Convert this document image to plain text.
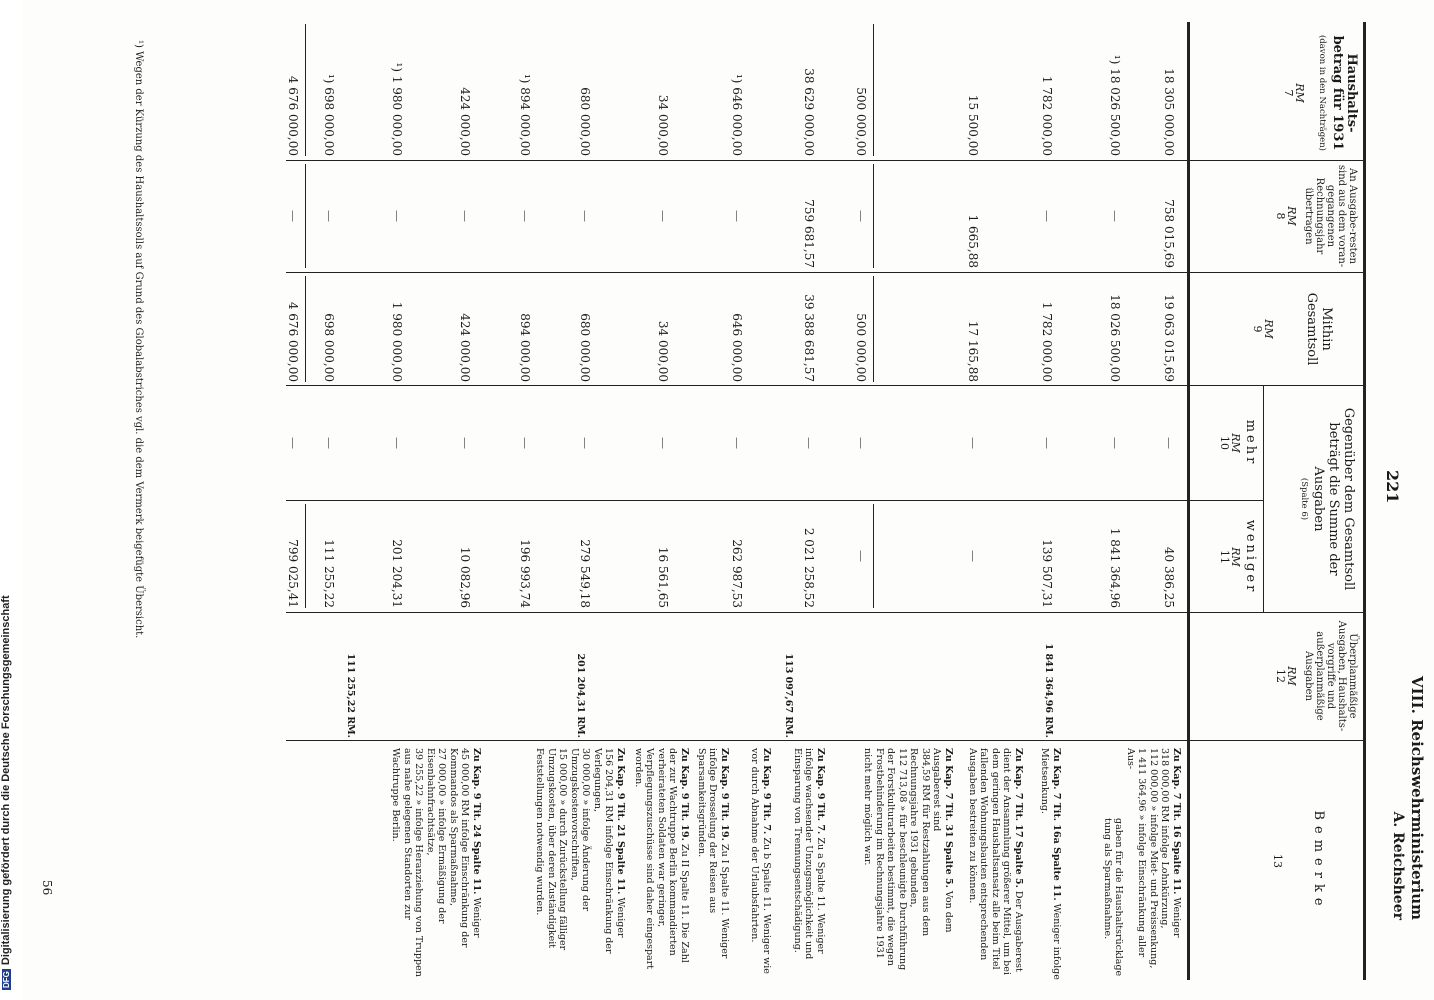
221
VIII. Reichswehrministerium
A. Reichsheer
Haushalts-betrag für 1931
(davon in den Nachträgen)
RM
7
An Ausgabe-resten sind aus dem voran-gegangenen Rechnungsjahr übertragen
RM
8
Mithin Gesamtsoll
RM
9
Gegenüber dem Gesamtsoll beträgt die Summe der Ausgaben
(Spalte 6)
mehr
RM
10
weniger
RM
11
Überplanmäßige Ausgaben, Haushalts-vorgriffe und außerplanmäßige Ausgaben
RM
12
Bemerke
13
1 841 364,96 RM.
113 097,67 RM.
201 204,31 RM.
111 255,22 RM.
Zu Kap. 7 Tit. 16 Spalte 11. Weniger
318 000,00 RM infolge Lohnkürzung,
112 000,00 » infolge Miet- und Preissenkung,
1 411 364,96 » infolge Einschränkung aller Aus-
gaben für die Haushaltsrücklage
tung als Sparmaßnahme.
Zu Kap. 7 Tit. 16a Spalte 11. Weniger infolge Mietsenkung.
Zu Kap. 7 Tit. 17 Spalte 5. Der Ausgaberest dient der Ansammlung größerer Mittel, um bei dem geringen Haushaltsansatz alle beim Titel fallenden Wohnungsbauten entsprechenden Ausgaben bestreiten zu können.
Zu Kap. 7 Tit. 31 Spalte 5. Von dem Ausgaberest sind
384,59 RM für Restzahlungen aus dem Rechnungsjahre 1931 gebunden,
112 713,08 » für beschleunigte Durchführung der Forstkulturarbeiten bestimmt, die wegen Frostbehinderung im Rechnungsjahre 1931 nicht mehr möglich war.
Zu Kap. 9 Tit. 7. Zu a Spalte 11. Weniger infolge wachsender Unzugsmöglichkeit und Einsparung von Trennungsentschädigung.
Zu Kap. 9 Tit. 7. Zu b Spalte 11. Weniger wie vor durch Abnahme der Urlaubsfahrten.
Zu Kap. 9 Tit. 19. Zu I Spalte 11. Weniger infolge Drosselung der Reisen aus Sparsamkeitsgründen.
Zu Kap. 9 Tit. 19. Zu II Spalte 11. Die Zahl der zur Wachtruppe Berlin kommandierten verheirateten Soldaten war geringer, Verpflegungszuschüsse sind daher eingespart worden.
Zu Kap. 9 Tit. 21 Spalte 11. Weniger
156 204,31 RM infolge Einschränkung der Verlegungen,
30 000,00 » infolge Änderung der Umzugskostenvorschriften,
15 000,00 » durch Zurückstellung fälliger Umzugskosten, über deren Zuständigkeit Feststellungen notwendig wurden.
Zu Kap. 9 Tit. 24 Spalte 11. Weniger
45 000,00 RM infolge Einschränkung der Kommandos als Sparmaßnahme,
27 000,00 » infolge Ermäßigung der Eisenbahnfrachtsätze,
39 255,22 » infolge Heranziehung von Truppen aus nahe gelegenen Standorten zur Wachtruppe Berlin.
¹) Wegen der Kürzung des Haushaltssolls auf Grund des Globalabstriches vgl. die dem Vermerk beigefügte Übersicht.
56
18 305 000,00
758 015,69
19 063 015,69
—
40 386,25
¹) 18 026 500,00
—
18 026 500,00
—
1 841 364,96
1 782 000,00
—
1 782 000,00
—
139 507,31
15 500,00
1 665,88
17 165,88
—
—
500 000,00
—
500 000,00
—
—
38 629 000,00
759 681,57
39 388 681,57
—
2 021 258,52
¹) 646 000,00
—
646 000,00
—
262 987,53
34 000,00
—
34 000,00
—
16 561,65
680 000,00
—
680 000,00
—
279 549,18
¹) 894 000,00
—
894 000,00
—
196 993,74
424 000,00
—
424 000,00
—
10 082,96
¹) 1 980 000,00
—
1 980 000,00
—
201 204,31
¹) 698 000,00
—
698 000,00
—
111 255,22
4 676 000,00
—
4 676 000,00
—
799 025,41
DFGDigitalisierung gefördert durch die Deutsche Forschungsgemeinschaft
